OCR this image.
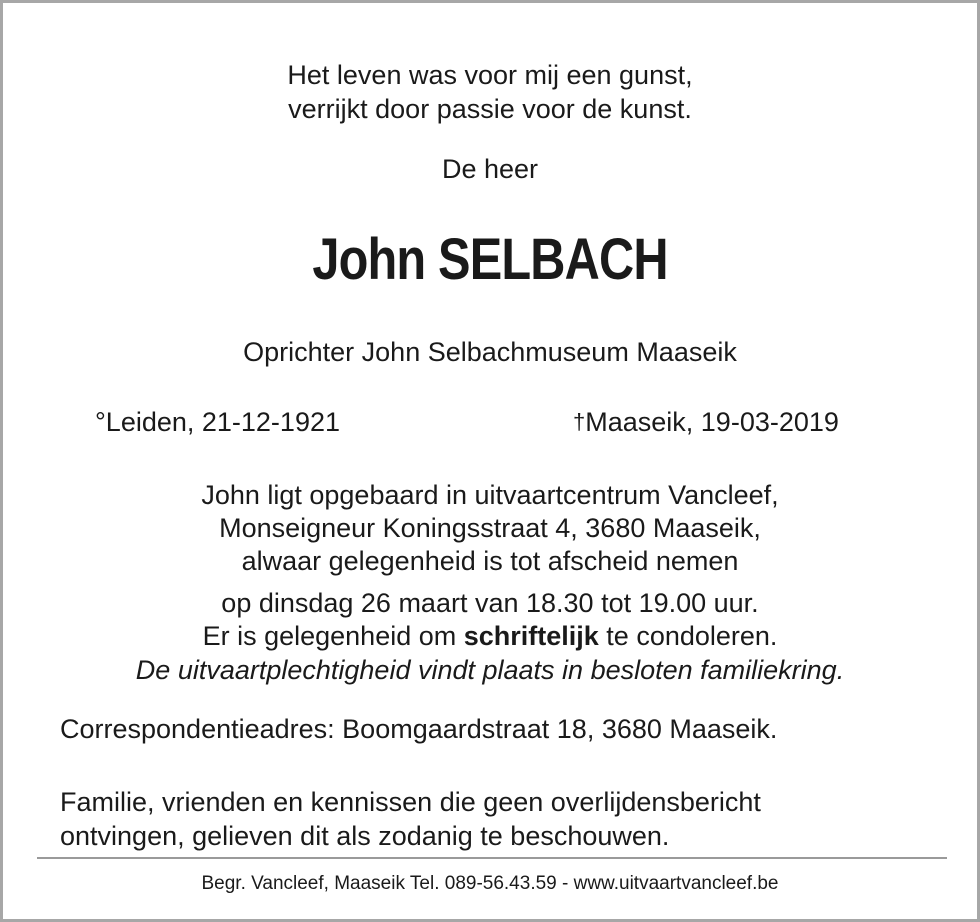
Het leven was voor mij een gunst,
verrijkt door passie voor de kunst.
De heer
John SELBACH
Oprichter John Selbachmuseum Maaseik
°Leiden, 21-12-1921	†Maaseik, 19-03-2019
John ligt opgebaard in uitvaartcentrum Vancleef,
Monseigneur Koningsstraat 4, 3680 Maaseik,
alwaar gelegenheid is tot afscheid nemen
op dinsdag 26 maart van 18.30 tot 19.00 uur.
Er is gelegenheid om schriftelijk te condoleren.
De uitvaartplechtigheid vindt plaats in besloten familiekring.
Correspondentieadres: Boomgaardstraat 18, 3680 Maaseik.
Familie, vrienden en kennissen die geen overlijdensbericht
ontvingen, gelieven dit als zodanig te beschouwen.
Begr. Vancleef, Maaseik Tel. 089-56.43.59 - www.uitvaartvancleef.be
